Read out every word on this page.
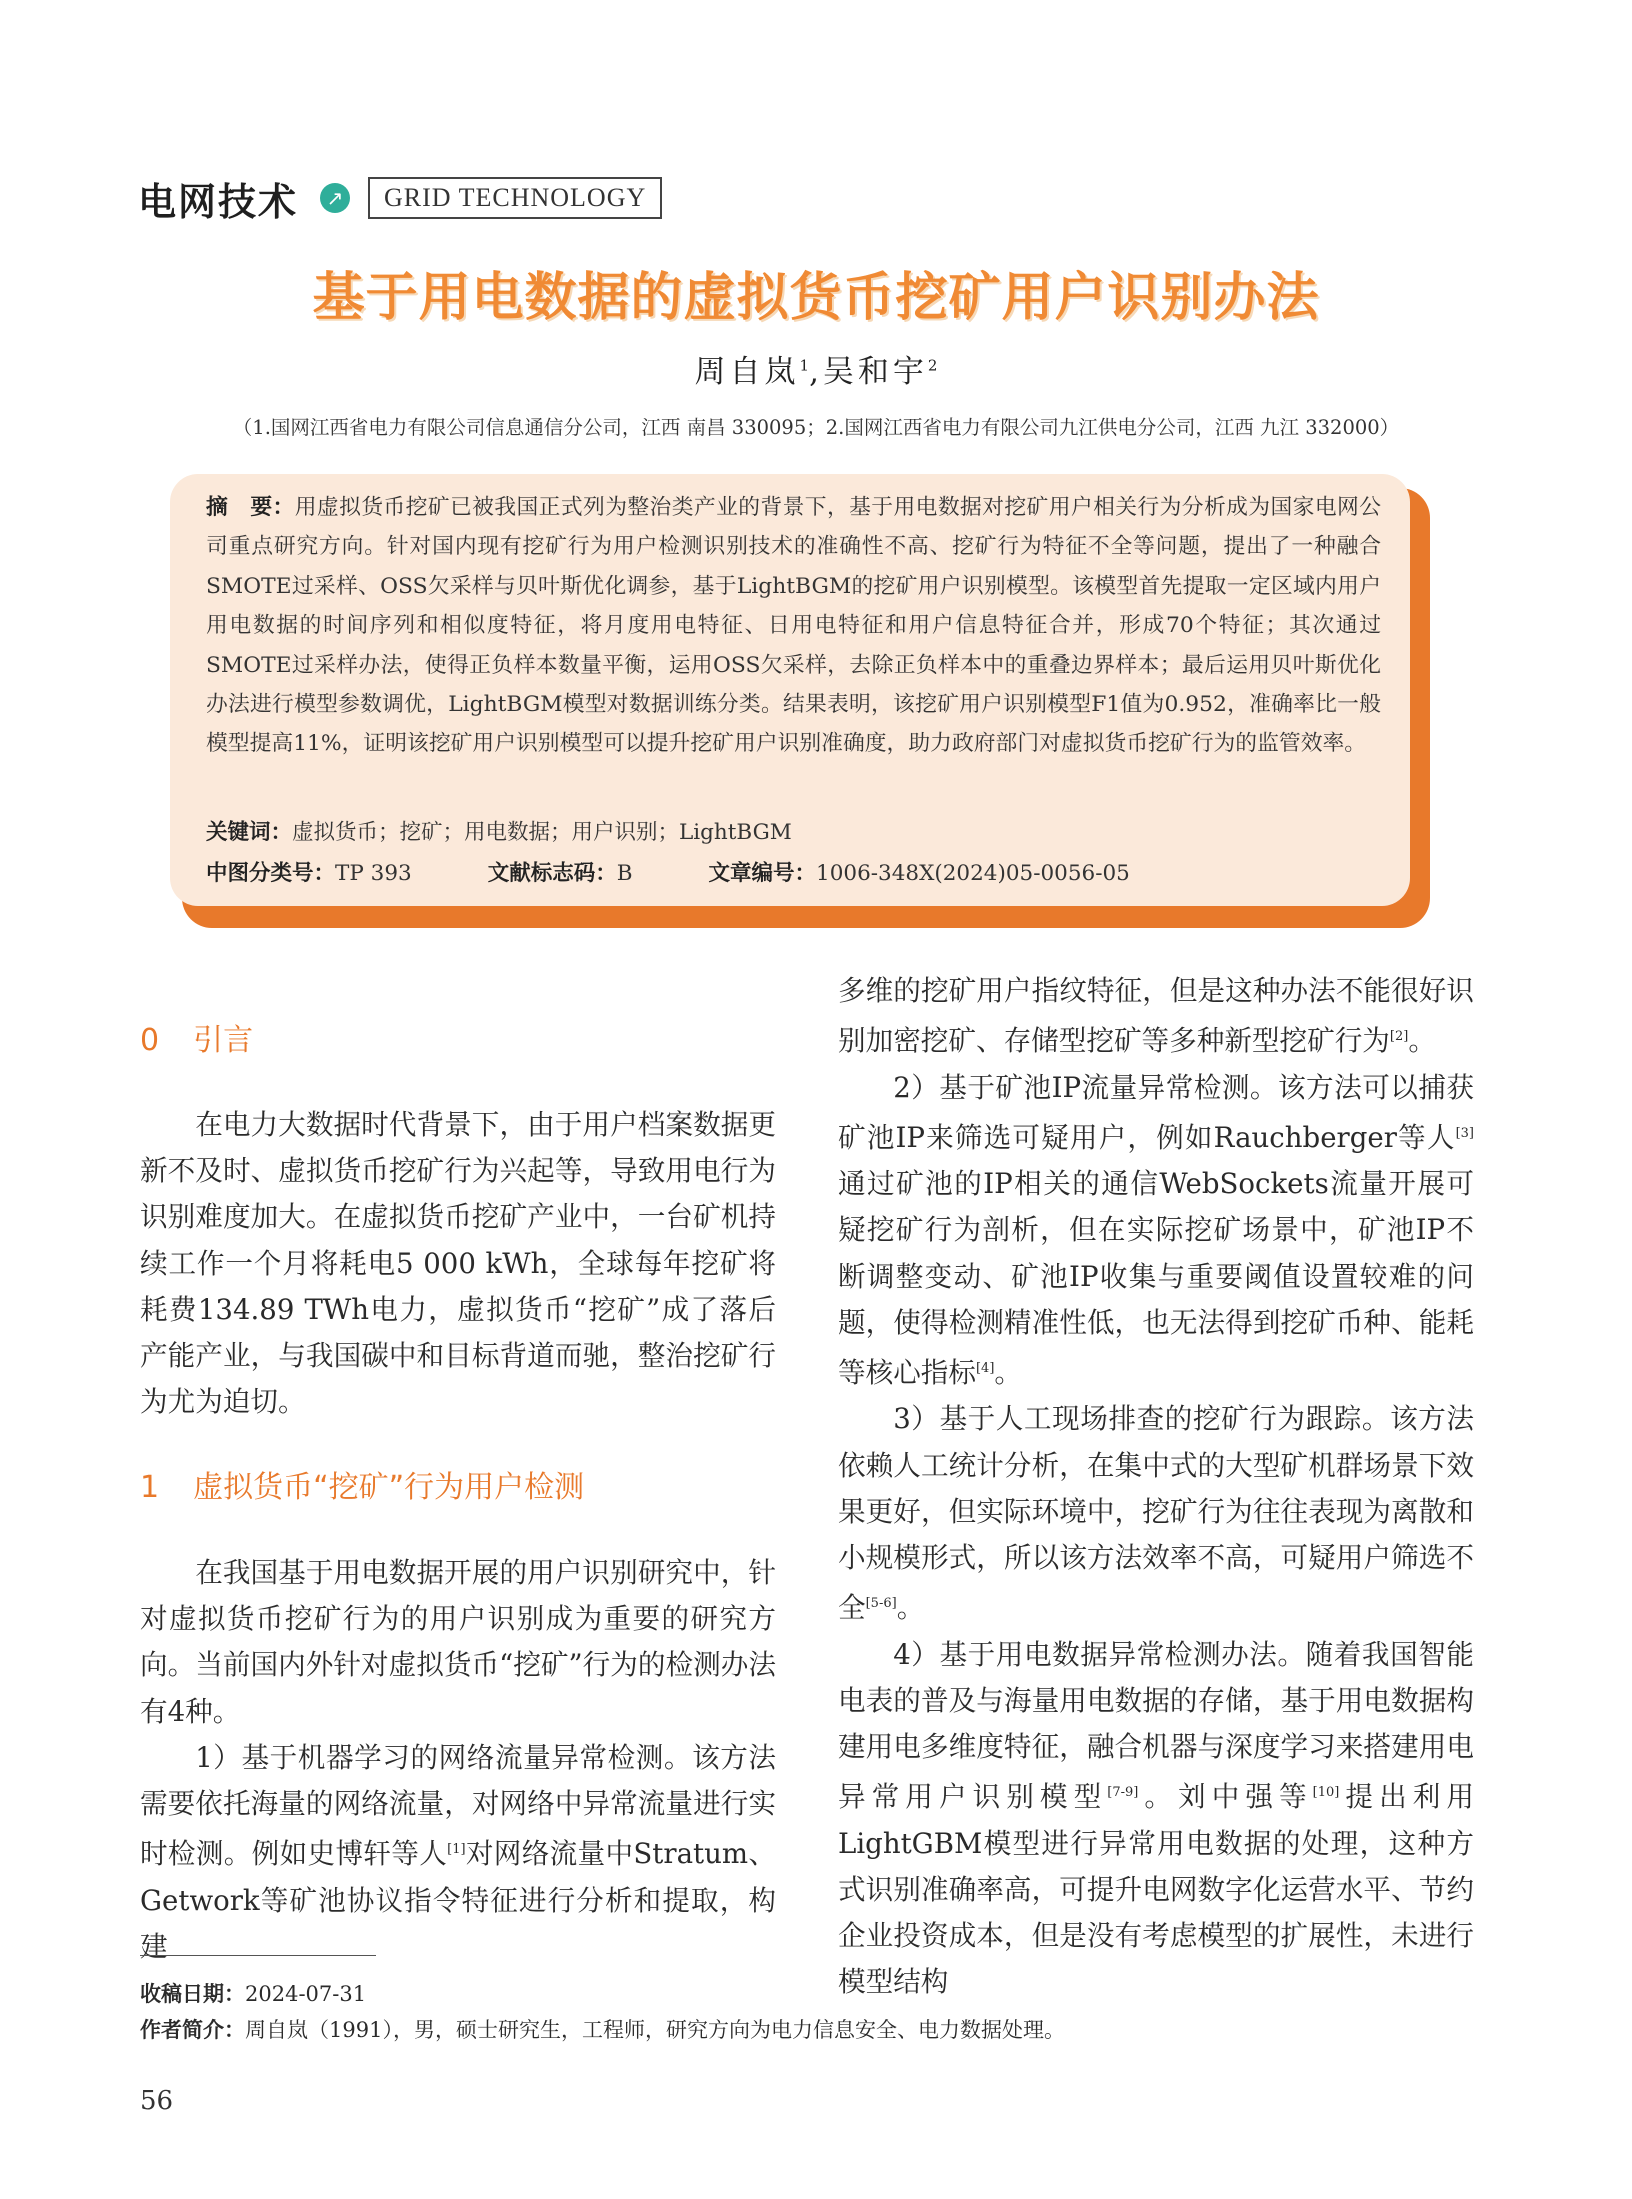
电网技术	↗	GRID TECHNOLOGY
基于用电数据的虚拟货币挖矿用户识别办法
周自岚$^1$,吴和宇$^2$
（1.国网江西省电力有限公司信息通信分公司，江西 南昌 330095；2.国网江西省电力有限公司九江供电分公司，江西 九江 332000）
摘　要：用虚拟货币挖矿已被我国正式列为整治类产业的背景下，基于用电数据对挖矿用户相关行为分析成为国家电网公司重点研究方向。针对国内现有挖矿行为用户检测识别技术的准确性不高、挖矿行为特征不全等问题，提出了一种融合SMOTE过采样、OSS欠采样与贝叶斯优化调参，基于LightBGM的挖矿用户识别模型。该模型首先提取一定区域内用户用电数据的时间序列和相似度特征，将月度用电特征、日用电特征和用户信息特征合并，形成70个特征；其次通过SMOTE过采样办法，使得正负样本数量平衡，运用OSS欠采样，去除正负样本中的重叠边界样本；最后运用贝叶斯优化办法进行模型参数调优，LightBGM模型对数据训练分类。结果表明，该挖矿用户识别模型F1值为0.952，准确率比一般模型提高11%，证明该挖矿用户识别模型可以提升挖矿用户识别准确度，助力政府部门对虚拟货币挖矿行为的监管效率。
关键词：虚拟货币；挖矿；用电数据；用户识别；LightBGM
中图分类号：TP 393	文献标志码：B	文章编号：1006-348X(2024)05-0056-05
0 引言

在电力大数据时代背景下，由于用户档案数据更新不及时、虚拟货币挖矿行为兴起等，导致用电行为识别难度加大。在虚拟货币挖矿产业中，一台矿机持续工作一个月将耗电5 000 kWh，全球每年挖矿将耗费134.89 TWh电力，虚拟货币“挖矿”成了落后产能产业，与我国碳中和目标背道而驰，整治挖矿行为尤为迫切。

1 虚拟货币“挖矿”行为用户检测

在我国基于用电数据开展的用户识别研究中，针对虚拟货币挖矿行为的用户识别成为重要的研究方向。当前国内外针对虚拟货币“挖矿”行为的检测办法有4种。

1）基于机器学习的网络流量异常检测。该方法需要依托海量的网络流量，对网络中异常流量进行实时检测。例如史博轩等人[1]对网络流量中Stratum、Getwork等矿池协议指令特征进行分析和提取，构建

多维的挖矿用户指纹特征，但是这种办法不能很好识别加密挖矿、存储型挖矿等多种新型挖矿行为[2]。

2）基于矿池IP流量异常检测。该方法可以捕获矿池IP来筛选可疑用户，例如Rauchberger等人[3]通过矿池的IP相关的通信WebSockets流量开展可疑挖矿行为剖析，但在实际挖矿场景中，矿池IP不断调整变动、矿池IP收集与重要阈值设置较难的问题，使得检测精准性低，也无法得到挖矿币种、能耗等核心指标[4]。

3）基于人工现场排查的挖矿行为跟踪。该方法依赖人工统计分析，在集中式的大型矿机群场景下效果更好，但实际环境中，挖矿行为往往表现为离散和小规模形式，所以该方法效率不高，可疑用户筛选不全[5-6]。

4）基于用电数据异常检测办法。随着我国智能电表的普及与海量用电数据的存储，基于用电数据构建用电多维度特征，融合机器与深度学习来搭建用电异常用户识别模型[7-9]。刘中强等[10]提出利用LightGBM模型进行异常用电数据的处理，这种方式识别准确率高，可提升电网数字化运营水平、节约企业投资成本，但是没有考虑模型的扩展性，未进行模型结构

收稿日期：2024-07-31
作者简介：周自岚（1991），男，硕士研究生，工程师，研究方向为电力信息安全、电力数据处理。
56
